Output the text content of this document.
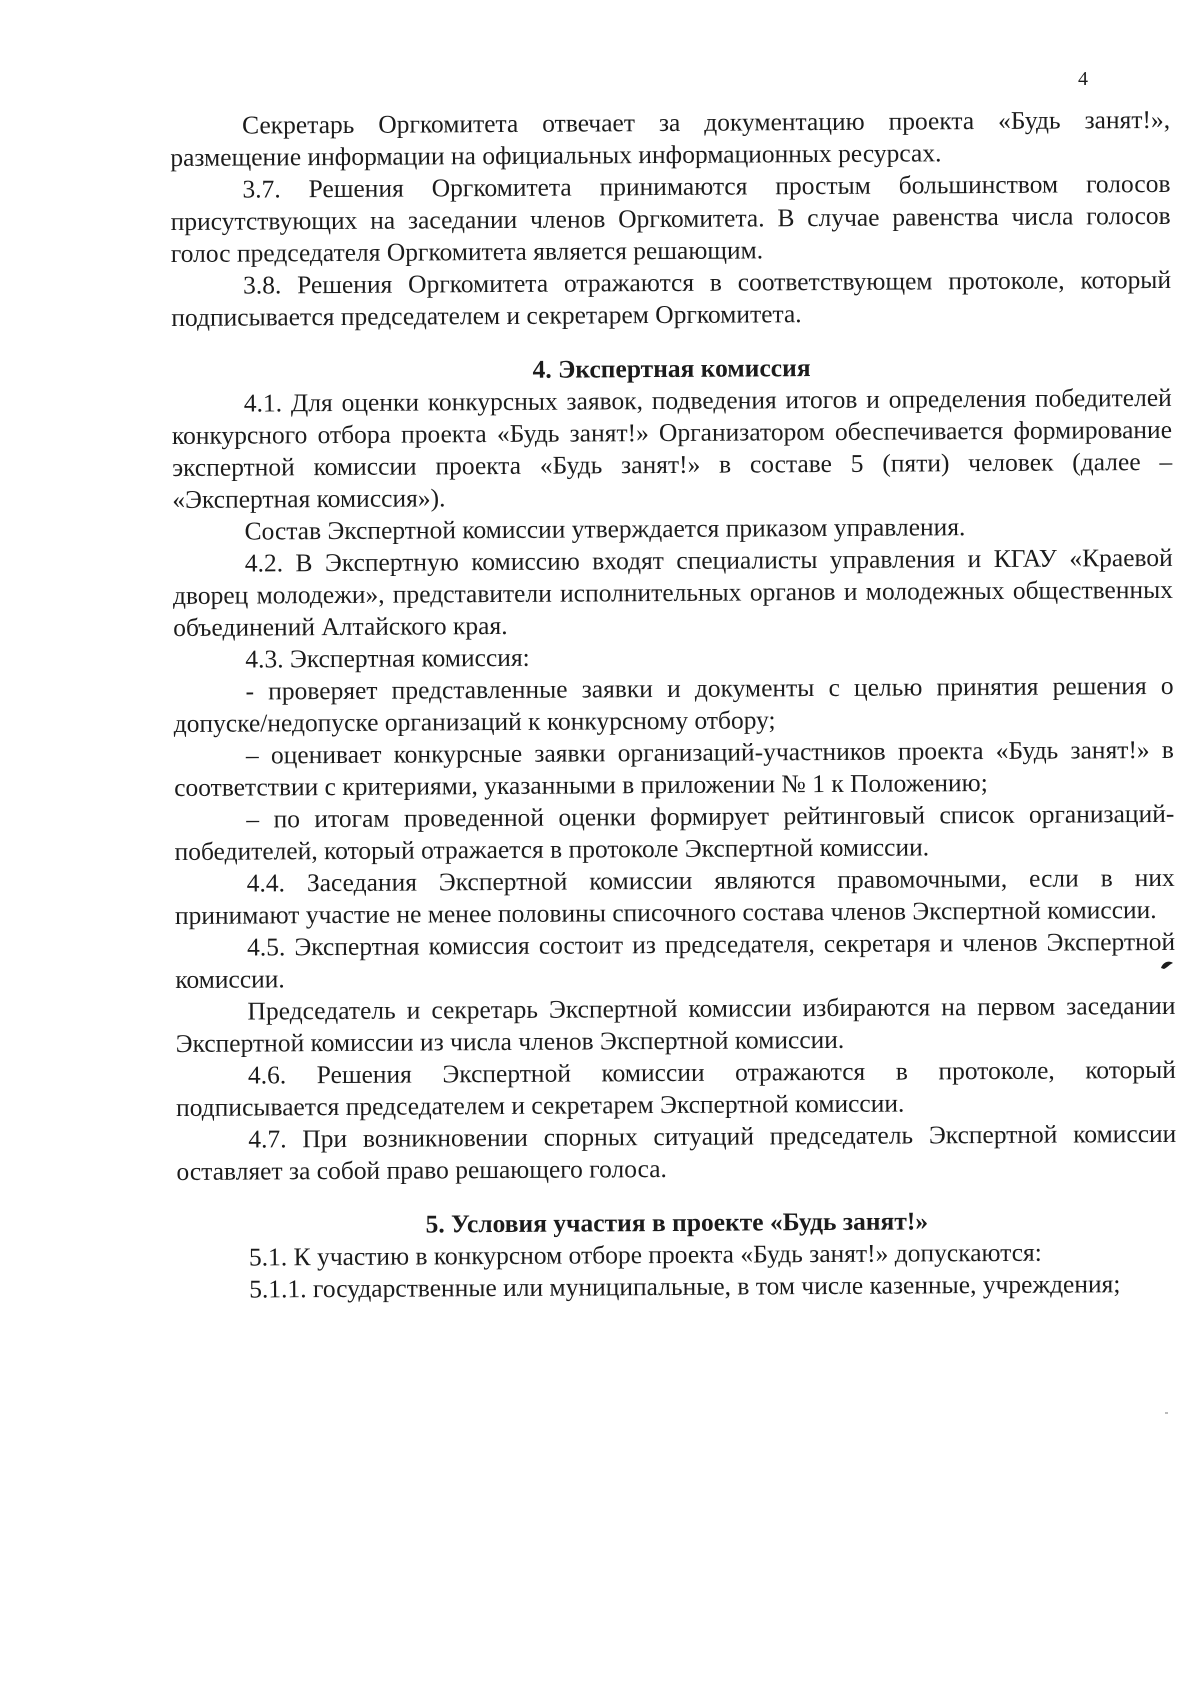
4

Секретарь Оргкомитета отвечает за документацию проекта «Будь занят!», размещение информации на официальных информационных ресурсах.

3.7. Решения Оргкомитета принимаются простым большинством голосов присутствующих на заседании членов Оргкомитета. В случае равенства числа голосов голос председателя Оргкомитета является решающим.

3.8. Решения Оргкомитета отражаются в соответствующем протоколе, который подписывается председателем и секретарем Оргкомитета.

4. Экспертная комиссия

4.1. Для оценки конкурсных заявок, подведения итогов и определения победителей конкурсного отбора проекта «Будь занят!» Организатором обеспечивается формирование экспертной комиссии проекта «Будь занят!» в составе 5 (пяти) человек (далее – «Экспертная комиссия»).

Состав Экспертной комиссии утверждается приказом управления.

4.2. В Экспертную комиссию входят специалисты управления и КГАУ «Краевой дворец молодежи», представители исполнительных органов и молодежных общественных объединений Алтайского края.

4.3. Экспертная комиссия:

- проверяет представленные заявки и документы с целью принятия решения о допуске/недопуске организаций к конкурсному отбору;

– оценивает конкурсные заявки организаций-участников проекта «Будь занят!» в соответствии с критериями, указанными в приложении № 1 к Положению;

– по итогам проведенной оценки формирует рейтинговый список организаций-победителей, который отражается в протоколе Экспертной комиссии.

4.4. Заседания Экспертной комиссии являются правомочными, если в них принимают участие не менее половины списочного состава членов Экспертной комиссии.

4.5. Экспертная комиссия состоит из председателя, секретаря и членов Экспертной комиссии.

Председатель и секретарь Экспертной комиссии избираются на первом заседании Экспертной комиссии из числа членов Экспертной комиссии.

4.6. Решения Экспертной комиссии отражаются в протоколе, который подписывается председателем и секретарем Экспертной комиссии.

4.7. При возникновении спорных ситуаций председатель Экспертной комиссии оставляет за собой право решающего голоса.

5. Условия участия в проекте «Будь занят!»

5.1. К участию в конкурсном отборе проекта «Будь занят!» допускаются:

5.1.1. государственные или муниципальные, в том числе казенные, учреждения;
